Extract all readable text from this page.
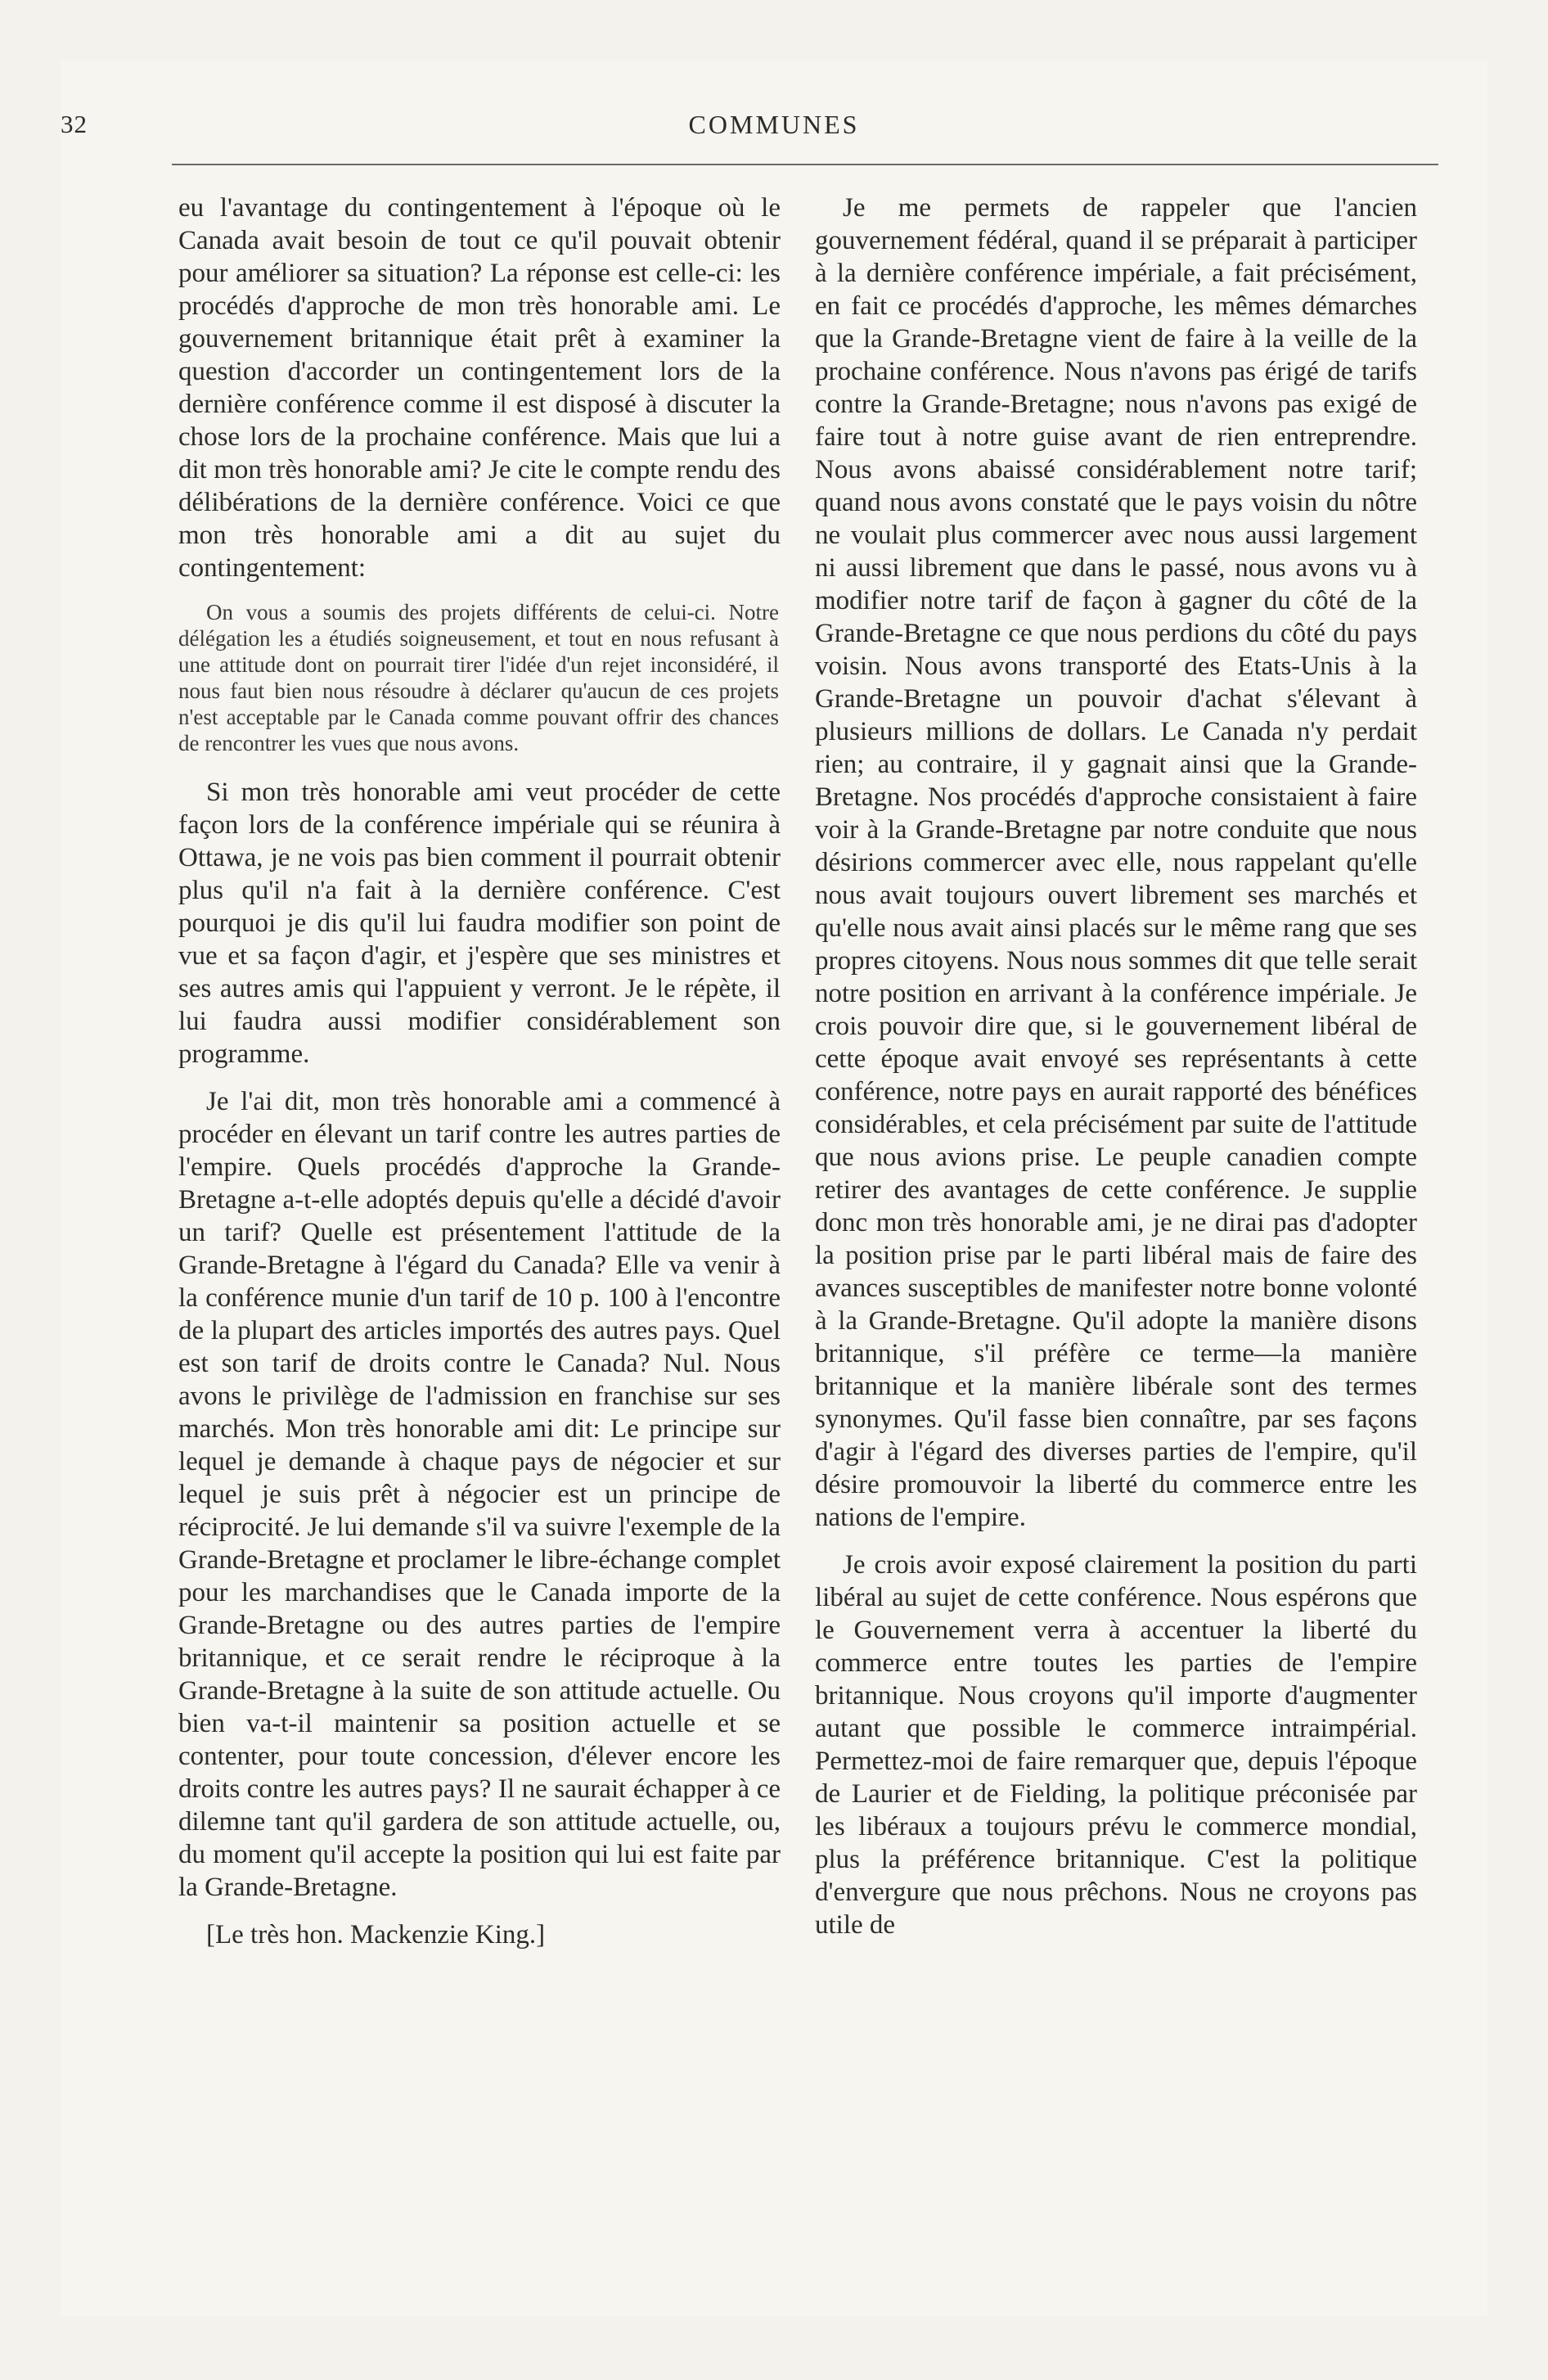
32	COMMUNES

eu l'avantage du contingentement à l'époque où le Canada avait besoin de tout ce qu'il pouvait obtenir pour améliorer sa situation? La réponse est celle-ci: les procédés d'approche de mon très honorable ami. Le gouvernement britannique était prêt à examiner la question d'accorder un contingentement lors de la dernière conférence comme il est disposé à discuter la chose lors de la prochaine conférence. Mais que lui a dit mon très honorable ami? Je cite le compte rendu des délibérations de la dernière conférence. Voici ce que mon très honorable ami a dit au sujet du contingentement:

On vous a soumis des projets différents de celui-ci. Notre délégation les a étudiés soigneusement, et tout en nous refusant à une attitude dont on pourrait tirer l'idée d'un rejet inconsidéré, il nous faut bien nous résoudre à déclarer qu'aucun de ces projets n'est acceptable par le Canada comme pouvant offrir des chances de rencontrer les vues que nous avons.

Si mon très honorable ami veut procéder de cette façon lors de la conférence impériale qui se réunira à Ottawa, je ne vois pas bien comment il pourrait obtenir plus qu'il n'a fait à la dernière conférence. C'est pourquoi je dis qu'il lui faudra modifier son point de vue et sa façon d'agir, et j'espère que ses ministres et ses autres amis qui l'appuient y verront. Je le répète, il lui faudra aussi modifier considérablement son programme.

Je l'ai dit, mon très honorable ami a commencé à procéder en élevant un tarif contre les autres parties de l'empire. Quels procédés d'approche la Grande-Bretagne a-t-elle adoptés depuis qu'elle a décidé d'avoir un tarif? Quelle est présentement l'attitude de la Grande-Bretagne à l'égard du Canada? Elle va venir à la conférence munie d'un tarif de 10 p. 100 à l'encontre de la plupart des articles importés des autres pays. Quel est son tarif de droits contre le Canada? Nul. Nous avons le privilège de l'admission en franchise sur ses marchés. Mon très honorable ami dit: Le principe sur lequel je demande à chaque pays de négocier et sur lequel je suis prêt à négocier est un principe de réciprocité. Je lui demande s'il va suivre l'exemple de la Grande-Bretagne et proclamer le libre-échange complet pour les marchandises que le Canada importe de la Grande-Bretagne ou des autres parties de l'empire britannique, et ce serait rendre le réciproque à la Grande-Bretagne à la suite de son attitude actuelle. Ou bien va-t-il maintenir sa position actuelle et se contenter, pour toute concession, d'élever encore les droits contre les autres pays? Il ne saurait échapper à ce dilemne tant qu'il gardera de son attitude actuelle, ou, du moment qu'il accepte la position qui lui est faite par la Grande-Bretagne.

[Le très hon. Mackenzie King.]

Je me permets de rappeler que l'ancien gouvernement fédéral, quand il se préparait à participer à la dernière conférence impériale, a fait précisément, en fait ce procédés d'approche, les mêmes démarches que la Grande-Bretagne vient de faire à la veille de la prochaine conférence. Nous n'avons pas érigé de tarifs contre la Grande-Bretagne; nous n'avons pas exigé de faire tout à notre guise avant de rien entreprendre. Nous avons abaissé considérablement notre tarif; quand nous avons constaté que le pays voisin du nôtre ne voulait plus commercer avec nous aussi largement ni aussi librement que dans le passé, nous avons vu à modifier notre tarif de façon à gagner du côté de la Grande-Bretagne ce que nous perdions du côté du pays voisin. Nous avons transporté des Etats-Unis à la Grande-Bretagne un pouvoir d'achat s'élevant à plusieurs millions de dollars. Le Canada n'y perdait rien; au contraire, il y gagnait ainsi que la Grande-Bretagne. Nos procédés d'approche consistaient à faire voir à la Grande-Bretagne par notre conduite que nous désirions commercer avec elle, nous rappelant qu'elle nous avait toujours ouvert librement ses marchés et qu'elle nous avait ainsi placés sur le même rang que ses propres citoyens. Nous nous sommes dit que telle serait notre position en arrivant à la conférence impériale. Je crois pouvoir dire que, si le gouvernement libéral de cette époque avait envoyé ses représentants à cette conférence, notre pays en aurait rapporté des bénéfices considérables, et cela précisément par suite de l'attitude que nous avions prise. Le peuple canadien compte retirer des avantages de cette conférence. Je supplie donc mon très honorable ami, je ne dirai pas d'adopter la position prise par le parti libéral mais de faire des avances susceptibles de manifester notre bonne volonté à la Grande-Bretagne. Qu'il adopte la manière disons britannique, s'il préfère ce terme—la manière britannique et la manière libérale sont des termes synonymes. Qu'il fasse bien connaître, par ses façons d'agir à l'égard des diverses parties de l'empire, qu'il désire promouvoir la liberté du commerce entre les nations de l'empire.

Je crois avoir exposé clairement la position du parti libéral au sujet de cette conférence. Nous espérons que le Gouvernement verra à accentuer la liberté du commerce entre toutes les parties de l'empire britannique. Nous croyons qu'il importe d'augmenter autant que possible le commerce intraimpérial. Permettez-moi de faire remarquer que, depuis l'époque de Laurier et de Fielding, la politique préconisée par les libéraux a toujours prévu le commerce mondial, plus la préférence britannique. C'est la politique d'envergure que nous prêchons. Nous ne croyons pas utile de
